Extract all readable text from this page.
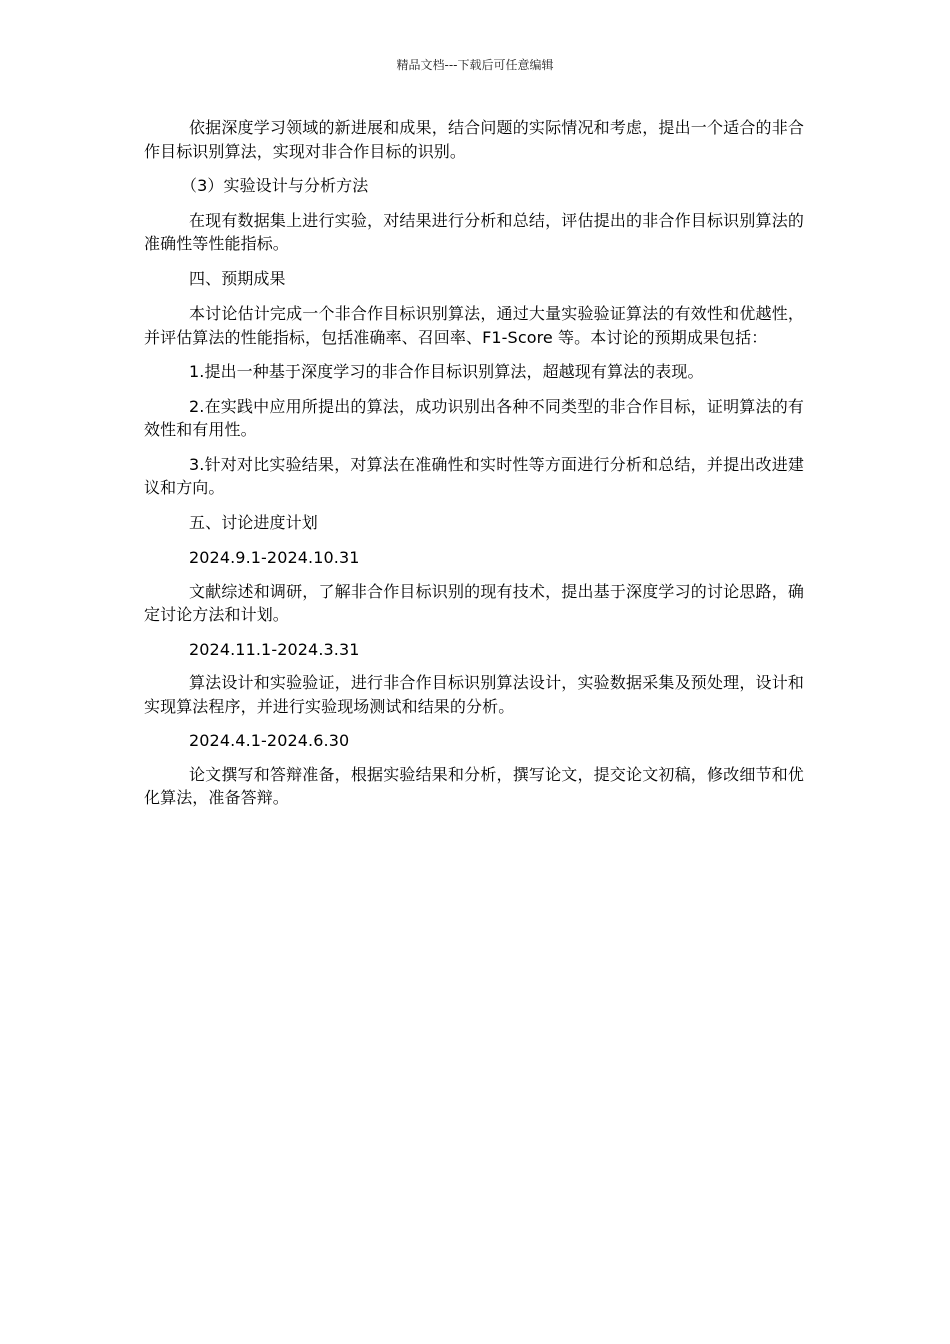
精品文档---下载后可任意编辑

依据深度学习领域的新进展和成果，结合问题的实际情况和考虑，提出一个适合的非合作目标识别算法，实现对非合作目标的识别。

（3）实验设计与分析方法

在现有数据集上进行实验，对结果进行分析和总结，评估提出的非合作目标识别算法的准确性等性能指标。

四、预期成果

本讨论估计完成一个非合作目标识别算法，通过大量实验验证算法的有效性和优越性，并评估算法的性能指标，包括准确率、召回率、F1-Score 等。本讨论的预期成果包括：

1.提出一种基于深度学习的非合作目标识别算法，超越现有算法的表现。

2.在实践中应用所提出的算法，成功识别出各种不同类型的非合作目标，证明算法的有效性和有用性。

3.针对对比实验结果，对算法在准确性和实时性等方面进行分析和总结，并提出改进建议和方向。

五、讨论进度计划

2024.9.1-2024.10.31

文献综述和调研，了解非合作目标识别的现有技术，提出基于深度学习的讨论思路，确定讨论方法和计划。

2024.11.1-2024.3.31

算法设计和实验验证，进行非合作目标识别算法设计，实验数据采集及预处理，设计和实现算法程序，并进行实验现场测试和结果的分析。

2024.4.1-2024.6.30

论文撰写和答辩准备，根据实验结果和分析，撰写论文，提交论文初稿，修改细节和优化算法，准备答辩。
